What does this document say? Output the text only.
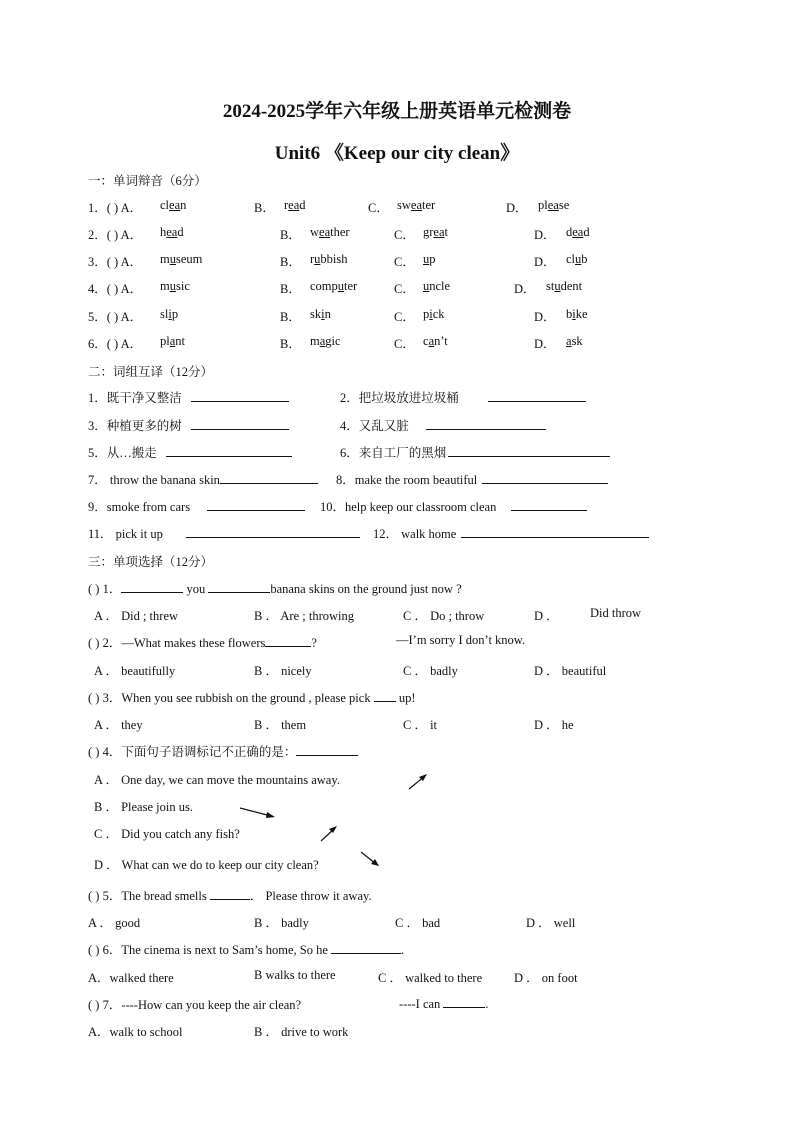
2024-2025学年六年级上册英语单元检测卷
Unit6 《Keep our city clean》
一：单词辩音（6分）
1．( ) A． clean	B． read	C． sweater	D． please
2．( ) A． head	B． weather	C． great	D． dead
3．( ) A． museum	B． rubbish	C． up	D． club
4．( ) A． music	B． computer	C． uncle	D． student
5．( ) A． slip	B． skin	C． pick	D． bike
6．( ) A． plant	B． magic	C． can’t	D． ask
二：词组互译（12分）
1．既干净又整洁	2．把垃圾放进垃圾桶
3．种植更多的树	4．又乱又脏
5．从…搬走	6．来自工厂的黑烟
7． throw the banana skin	8．make the room beautiful
9．smoke from cars	10．help keep our classroom clean
11． pick it up	12． walk home
三：单项选择（12分）
( ) 1．	you	banana skins on the ground just now ?
A ． Did ; threw	B ． Are ; throwing	C ． Do ; throw	D ．	Did throw
( ) 2．—What makes these flowers	?	—I’m sorry I don’t know.
A ． beautifully	B ． nicely	C ． badly	D ． beautiful
( ) 3．When you see rubbish on the ground , please pick  up!
A ． they	B ． them	C ． it	D ． he
( ) 4．下面句子语调标记不正确的是：
A ． One day, we can move the mountains away.
B ． Please join us.
C ． Did you catch any fish?
D ． What can we do to keep our city clean?
( ) 5．The bread smells	． Please throw it away.
A ． good	B ． badly	C ． bad	D ． well
( ) 6．The cinema is next to Sam’s home, So he	.
A．walked there	B walks to there	C ． walked to there	D ． on foot
( ) 7．----How can you keep the air clean?	----I can	.
A．walk to school	B ． drive to work
